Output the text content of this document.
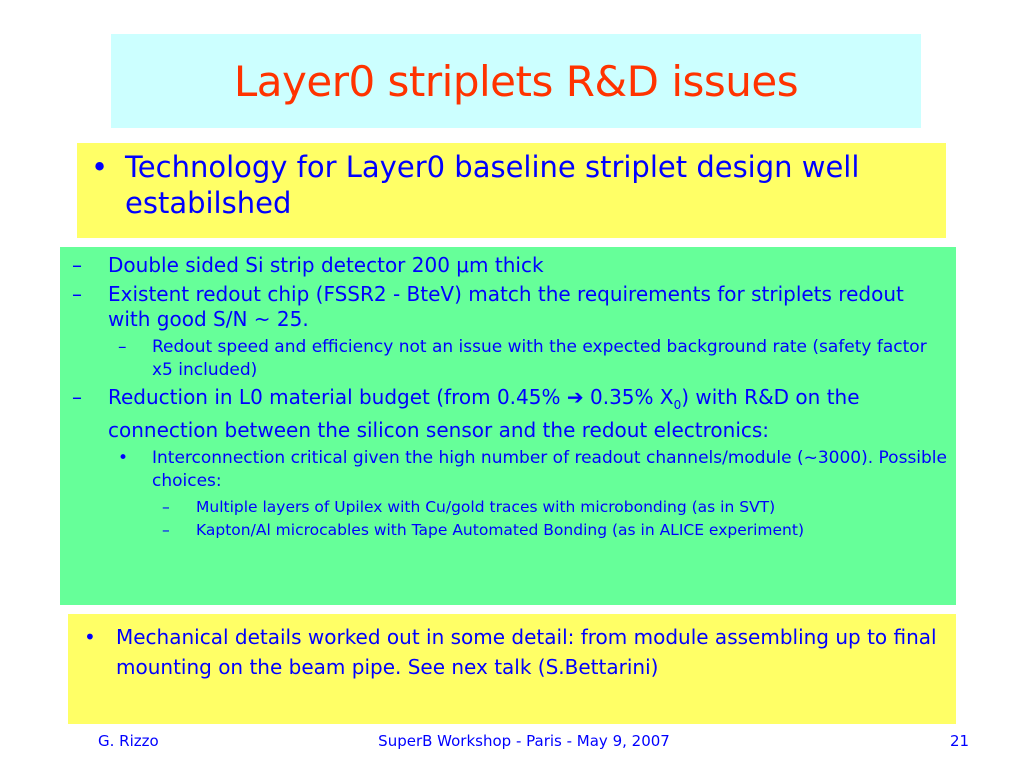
Layer0 striplets R&D issues
• Technology for Layer0 baseline striplet design well estabilshed
–	Double sided Si strip detector 200 μm thick
–	Existent redout chip (FSSR2 - BteV) match the requirements for striplets redout with good S/N ~ 25.
–	Redout speed and efficiency not an issue with the expected background rate (safety factor x5 included)
–	Reduction in L0 material budget (from 0.45% ➔ 0.35% $X_0$) with R&D on the connection between the silicon sensor and the redout electronics:
•	Interconnection critical given the high number of readout channels/module (~3000). Possible choices:
–	Multiple layers of Upilex with Cu/gold traces with microbonding (as in SVT)
–	Kapton/Al microcables with Tape Automated Bonding (as in ALICE experiment)
•	Mechanical details worked out in some detail: from module assembling up to final mounting on the beam pipe. See nex talk (S.Bettarini)
G. Rizzo	SuperB Workshop - Paris - May 9, 2007	21
